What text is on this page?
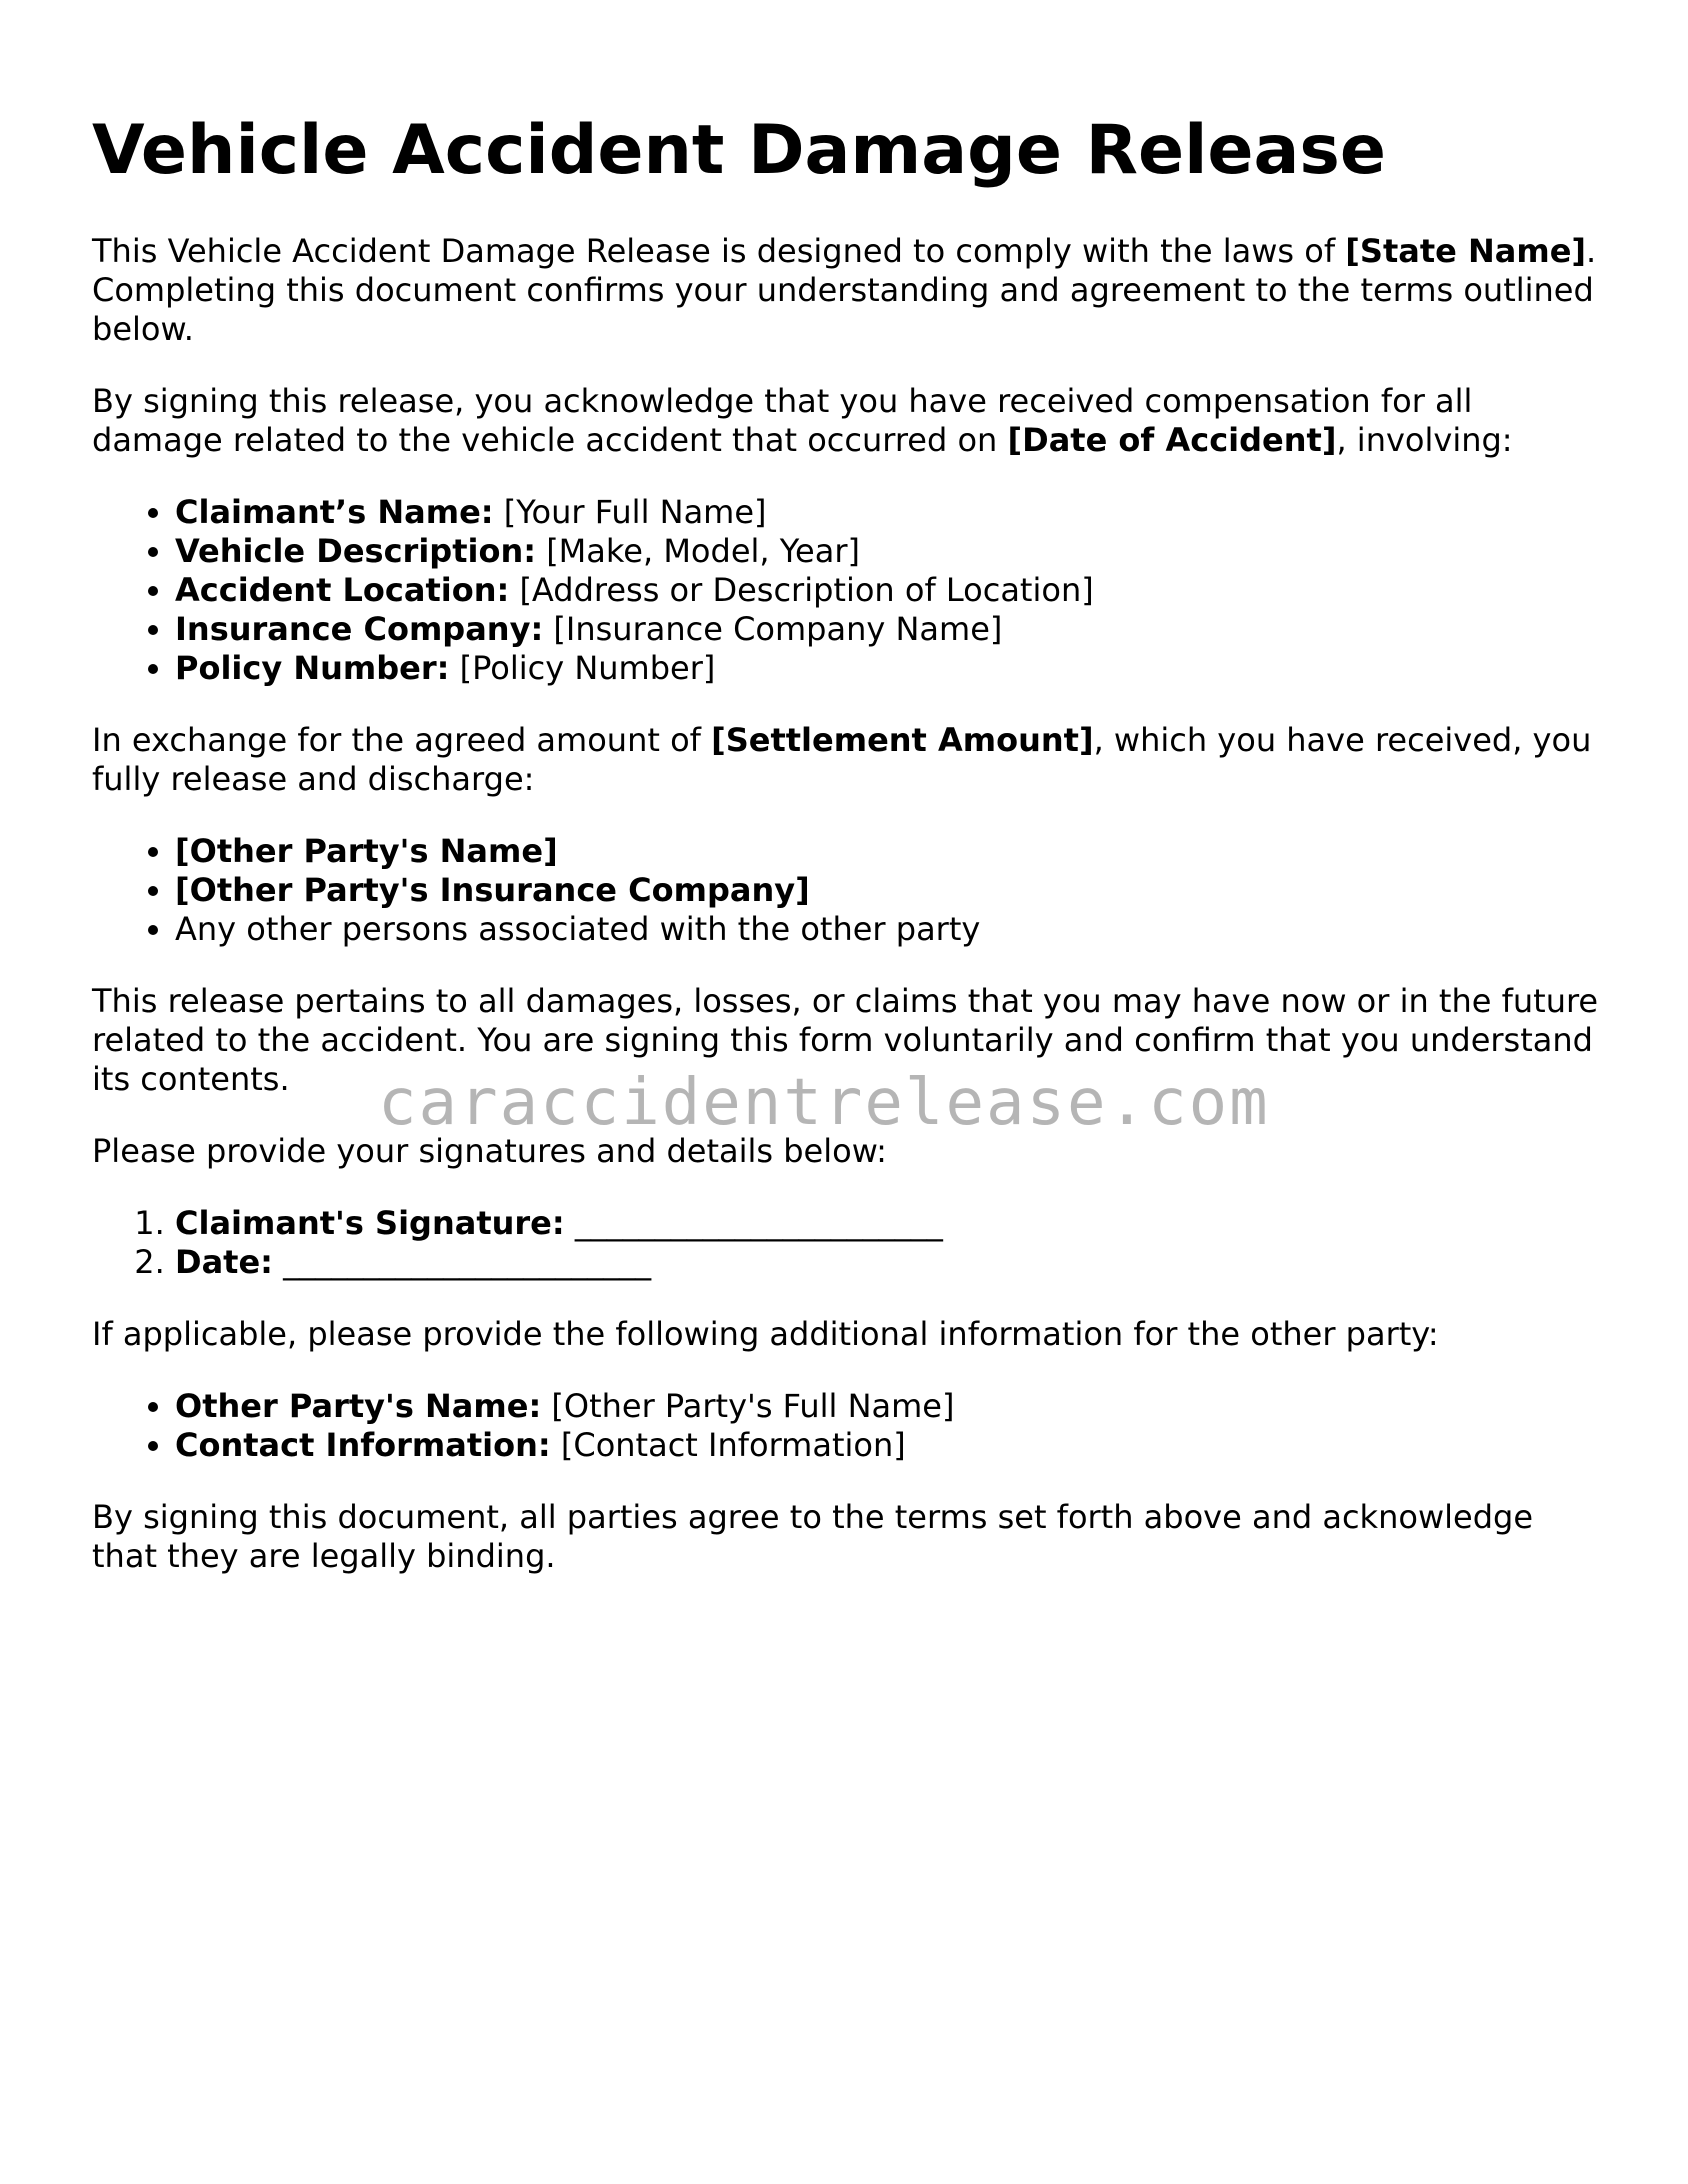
Vehicle Accident Damage Release

This Vehicle Accident Damage Release is designed to comply with the laws of [State Name]. Completing this document confirms your understanding and agreement to the terms outlined below.

By signing this release, you acknowledge that you have received compensation for all damage related to the vehicle accident that occurred on [Date of Accident], involving:

• Claimant’s Name: [Your Full Name]
• Vehicle Description: [Make, Model, Year]
• Accident Location: [Address or Description of Location]
• Insurance Company: [Insurance Company Name]
• Policy Number: [Policy Number]

In exchange for the agreed amount of [Settlement Amount], which you have received, you fully release and discharge:

• [Other Party's Name]
• [Other Party's Insurance Company]
• Any other persons associated with the other party

This release pertains to all damages, losses, or claims that you may have now or in the future related to the accident. You are signing this form voluntarily and confirm that you understand its contents.

Please provide your signatures and details below:

1. Claimant's Signature: _______________________
2. Date: _______________________

If applicable, please provide the following additional information for the other party:

• Other Party's Name: [Other Party's Full Name]
• Contact Information: [Contact Information]

By signing this document, all parties agree to the terms set forth above and acknowledge that they are legally binding.

caraccidentrelease.com
